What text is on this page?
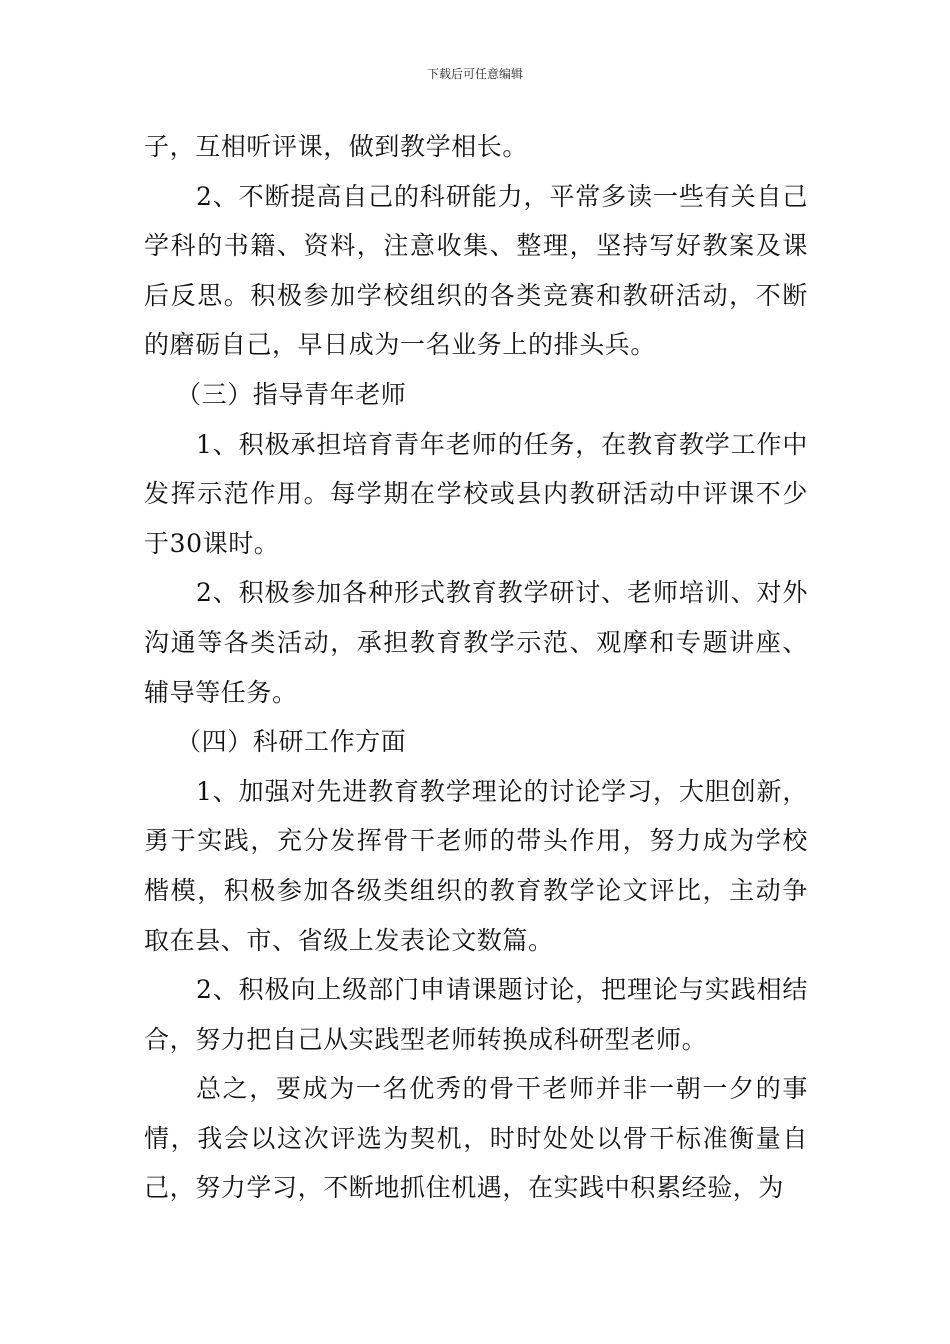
下载后可任意编辑

子，互相听评课，做到教学相长。

2、不断提高自己的科研能力，平常多读一些有关自己学科的书籍、资料，注意收集、整理，坚持写好教案及课后反思。积极参加学校组织的各类竞赛和教研活动，不断的磨砺自己，早日成为一名业务上的排头兵。

（三）指导青年老师

1、积极承担培育青年老师的任务，在教育教学工作中发挥示范作用。每学期在学校或县内教研活动中评课不少于30课时。

2、积极参加各种形式教育教学研讨、老师培训、对外沟通等各类活动，承担教育教学示范、观摩和专题讲座、辅导等任务。

（四）科研工作方面

1、加强对先进教育教学理论的讨论学习，大胆创新，勇于实践，充分发挥骨干老师的带头作用，努力成为学校楷模，积极参加各级类组织的教育教学论文评比，主动争取在县、市、省级上发表论文数篇。

2、积极向上级部门申请课题讨论，把理论与实践相结合，努力把自己从实践型老师转换成科研型老师。

总之，要成为一名优秀的骨干老师并非一朝一夕的事情，我会以这次评选为契机，时时处处以骨干标准衡量自己，努力学习，不断地抓住机遇，在实践中积累经验，为
